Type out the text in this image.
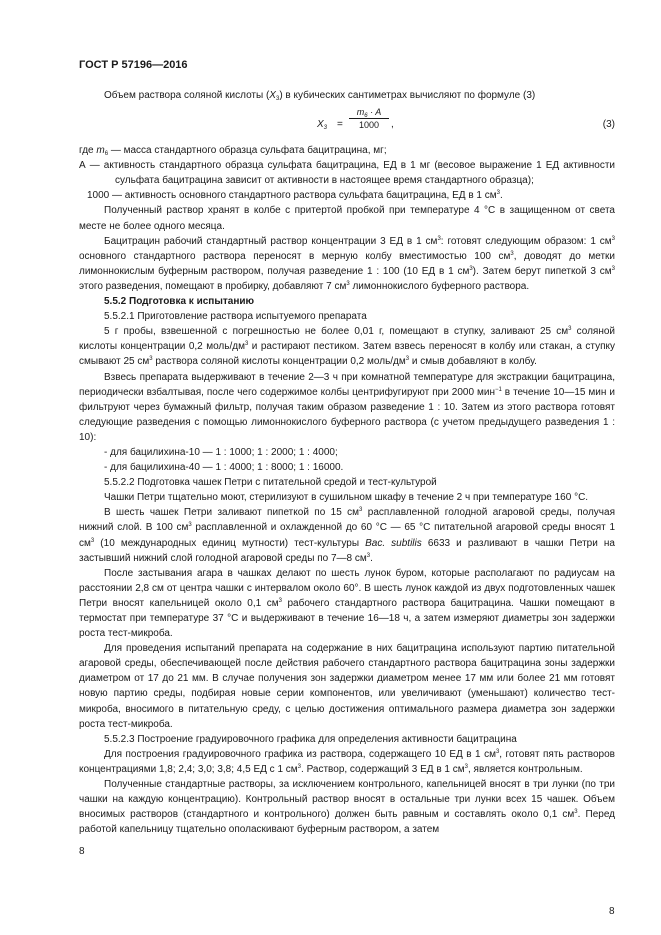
ГОСТ Р 57196—2016

Объем раствора соляной кислоты $(X_3)$ в кубических сантиметрах вычисляют по формуле (3)

$X_3 = \frac{m_6 \cdot A}{1000}$ ,	(3)

где $m_6$ — масса стандартного образца сульфата бацитрацина, мг;

А — активность стандартного образца сульфата бацитрацина, ЕД в 1 мг (весовое выражение 1 ЕД активности сульфата бацитрацина зависит от активности в настоящее время стандартного образца);

1000 — активность основного стандартного раствора сульфата бацитрацина, ЕД в 1 $см^3$.

Полученный раствор хранят в колбе с притертой пробкой при температуре 4 °С в защищенном от света месте не более одного месяца.

Бацитрацин рабочий стандартный раствор концентрации 3 ЕД в 1 $см^3$: готовят следующим образом: 1 $см^3$ основного стандартного раствора переносят в мерную колбу вместимостью 100 $см^3$, доводят до метки лимоннокислым буферным раствором, получая разведение 1 : 100 (10 ЕД в 1 $см^3$). Затем берут пипеткой 3 $см^3$ этого разведения, помещают в пробирку, добавляют 7 $см^3$ лимоннокислого буферного раствора.

5.5.2 Подготовка к испытанию

5.5.2.1 Приготовление раствора испытуемого препарата

5 г пробы, взвешенной с погрешностью не более 0,01 г, помещают в ступку, заливают 25 $см^3$ соляной кислоты концентрации 0,2 моль/$дм^3$ и растирают пестиком. Затем взвесь переносят в колбу или стакан, а ступку смывают 25 $см^3$ раствора соляной кислоты концентрации 0,2 моль/$дм^3$ и смыв добавляют в колбу.

Взвесь препарата выдерживают в течение 2—3 ч при комнатной температуре для экстракции бацитрацина, периодически взбалтывая, после чего содержимое колбы центрифугируют при 2000 мин$^{-1}$ в течение 10—15 мин и фильтруют через бумажный фильтр, получая таким образом разведение 1 : 10. Затем из этого раствора готовят следующие разведения с помощью лимоннокислого буферного раствора (с учетом предыдущего разведения 1 : 10):

- для бацилихина-10 — 1 : 1000; 1 : 2000; 1 : 4000;

- для бацилихина-40 — 1 : 4000; 1 : 8000; 1 : 16000.

5.5.2.2 Подготовка чашек Петри с питательной средой и тест-культурой

Чашки Петри тщательно моют, стерилизуют в сушильном шкафу в течение 2 ч при температуре 160 °С.

В шесть чашек Петри заливают пипеткой по 15 $см^3$ расплавленной голодной агаровой среды, получая нижний слой. В 100 $см^3$ расплавленной и охлажденной до 60 °С — 65 °С питательной агаровой среды вносят 1 $см^3$ (10 международных единиц мутности) тест-культуры Bac. subtilis 6633 и разливают в чашки Петри на застывший нижний слой голодной агаровой среды по 7—8 $см^3$.

После застывания агара в чашках делают по шесть лунок буром, которые располагают по радиусам на расстоянии 2,8 см от центра чашки с интервалом около 60°. В шесть лунок каждой из двух подготовленных чашек Петри вносят капельницей около 0,1 $см^3$ рабочего стандартного раствора бацитрацина. Чашки помещают в термостат при температуре 37 °С и выдерживают в течение 16—18 ч, а затем измеряют диаметры зон задержки роста тест-микроба.

Для проведения испытаний препарата на содержание в них бацитрацина используют партию питательной агаровой среды, обеспечивающей после действия рабочего стандартного раствора бацитрацина зоны задержки диаметром от 17 до 21 мм. В случае получения зон задержки диаметром менее 17 мм или более 21 мм готовят новую партию среды, подбирая новые серии компонентов, или увеличивают (уменьшают) количество тест-микроба, вносимого в питательную среду, с целью достижения оптимального размера диаметра зон задержки роста тест-микроба.

5.5.2.3 Построение градуировочного графика для определения активности бацитрацина

Для построения градуировочного графика из раствора, содержащего 10 ЕД в 1 $см^3$, готовят пять растворов концентрациями 1,8; 2,4; 3,0; 3,8; 4,5 ЕД с 1 $см^3$. Раствор, содержащий 3 ЕД в 1 $см^3$, является контрольным.

Полученные стандартные растворы, за исключением контрольного, капельницей вносят в три лунки (по три чашки на каждую концентрацию). Контрольный раствор вносят в остальные три лунки всех 15 чашек. Объем вносимых растворов (стандартного и контрольного) должен быть равным и составлять около 0,1 $см^3$. Перед работой капельницу тщательно ополаскивают буферным раствором, а затем

8
8
